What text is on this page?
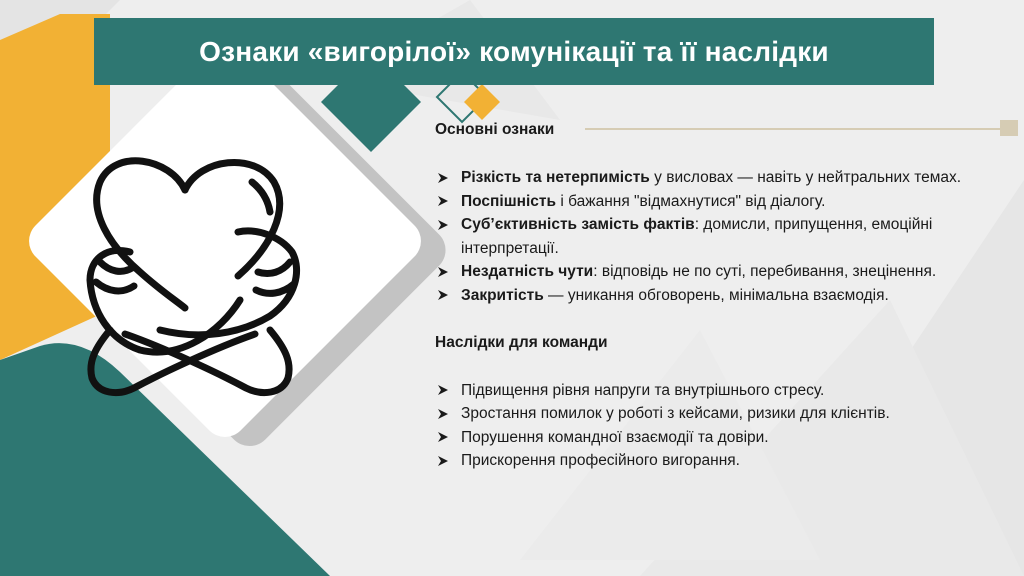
Ознаки «вигорілої» комунікації та її наслідки
Основні ознаки
Різкість та нетерпимість у висловах — навіть у нейтральних темах.
Поспішність і бажання "відмахнутися" від діалогу.
Суб’єктивність замість фактів: домисли, припущення, емоційні інтерпретації.
Нездатність чути: відповідь не по суті, перебивання, знецінення.
Закритість — уникання обговорень, мінімальна взаємодія.
Наслідки для команди
Підвищення рівня напруги та внутрішнього стресу.
Зростання помилок у роботі з кейсами, ризики для клієнтів.
Порушення командної взаємодії та довіри.
Прискорення професійного вигорання.
